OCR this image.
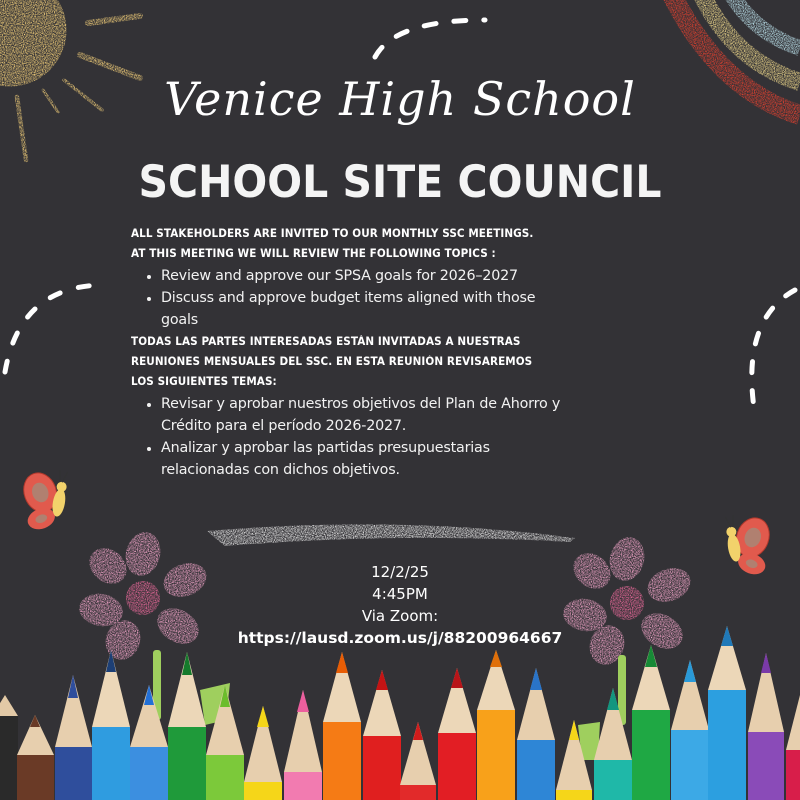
Venice High School
SCHOOL SITE COUNCIL
ALL STAKEHOLDERS ARE INVITED TO OUR MONTHLY SSC MEETINGS.
AT THIS MEETING WE WILL REVIEW THE FOLLOWING TOPICS :
• Review and approve our SPSA goals for 2026–2027
• Discuss and approve budget items aligned with those goals
TODAS LAS PARTES INTERESADAS ESTÁN INVITADAS A NUESTRAS
REUNIONES MENSUALES DEL SSC. EN ESTA REUNIÓN REVISAREMOS
LOS SIGUIENTES TEMAS:
• Revisar y aprobar nuestros objetivos del Plan de Ahorro y Crédito para el período 2026-2027.
• Analizar y aprobar las partidas presupuestarias relacionadas con dichos objetivos.
12/2/25
4:45PM
Via Zoom:
https://lausd.zoom.us/j/88200964667
